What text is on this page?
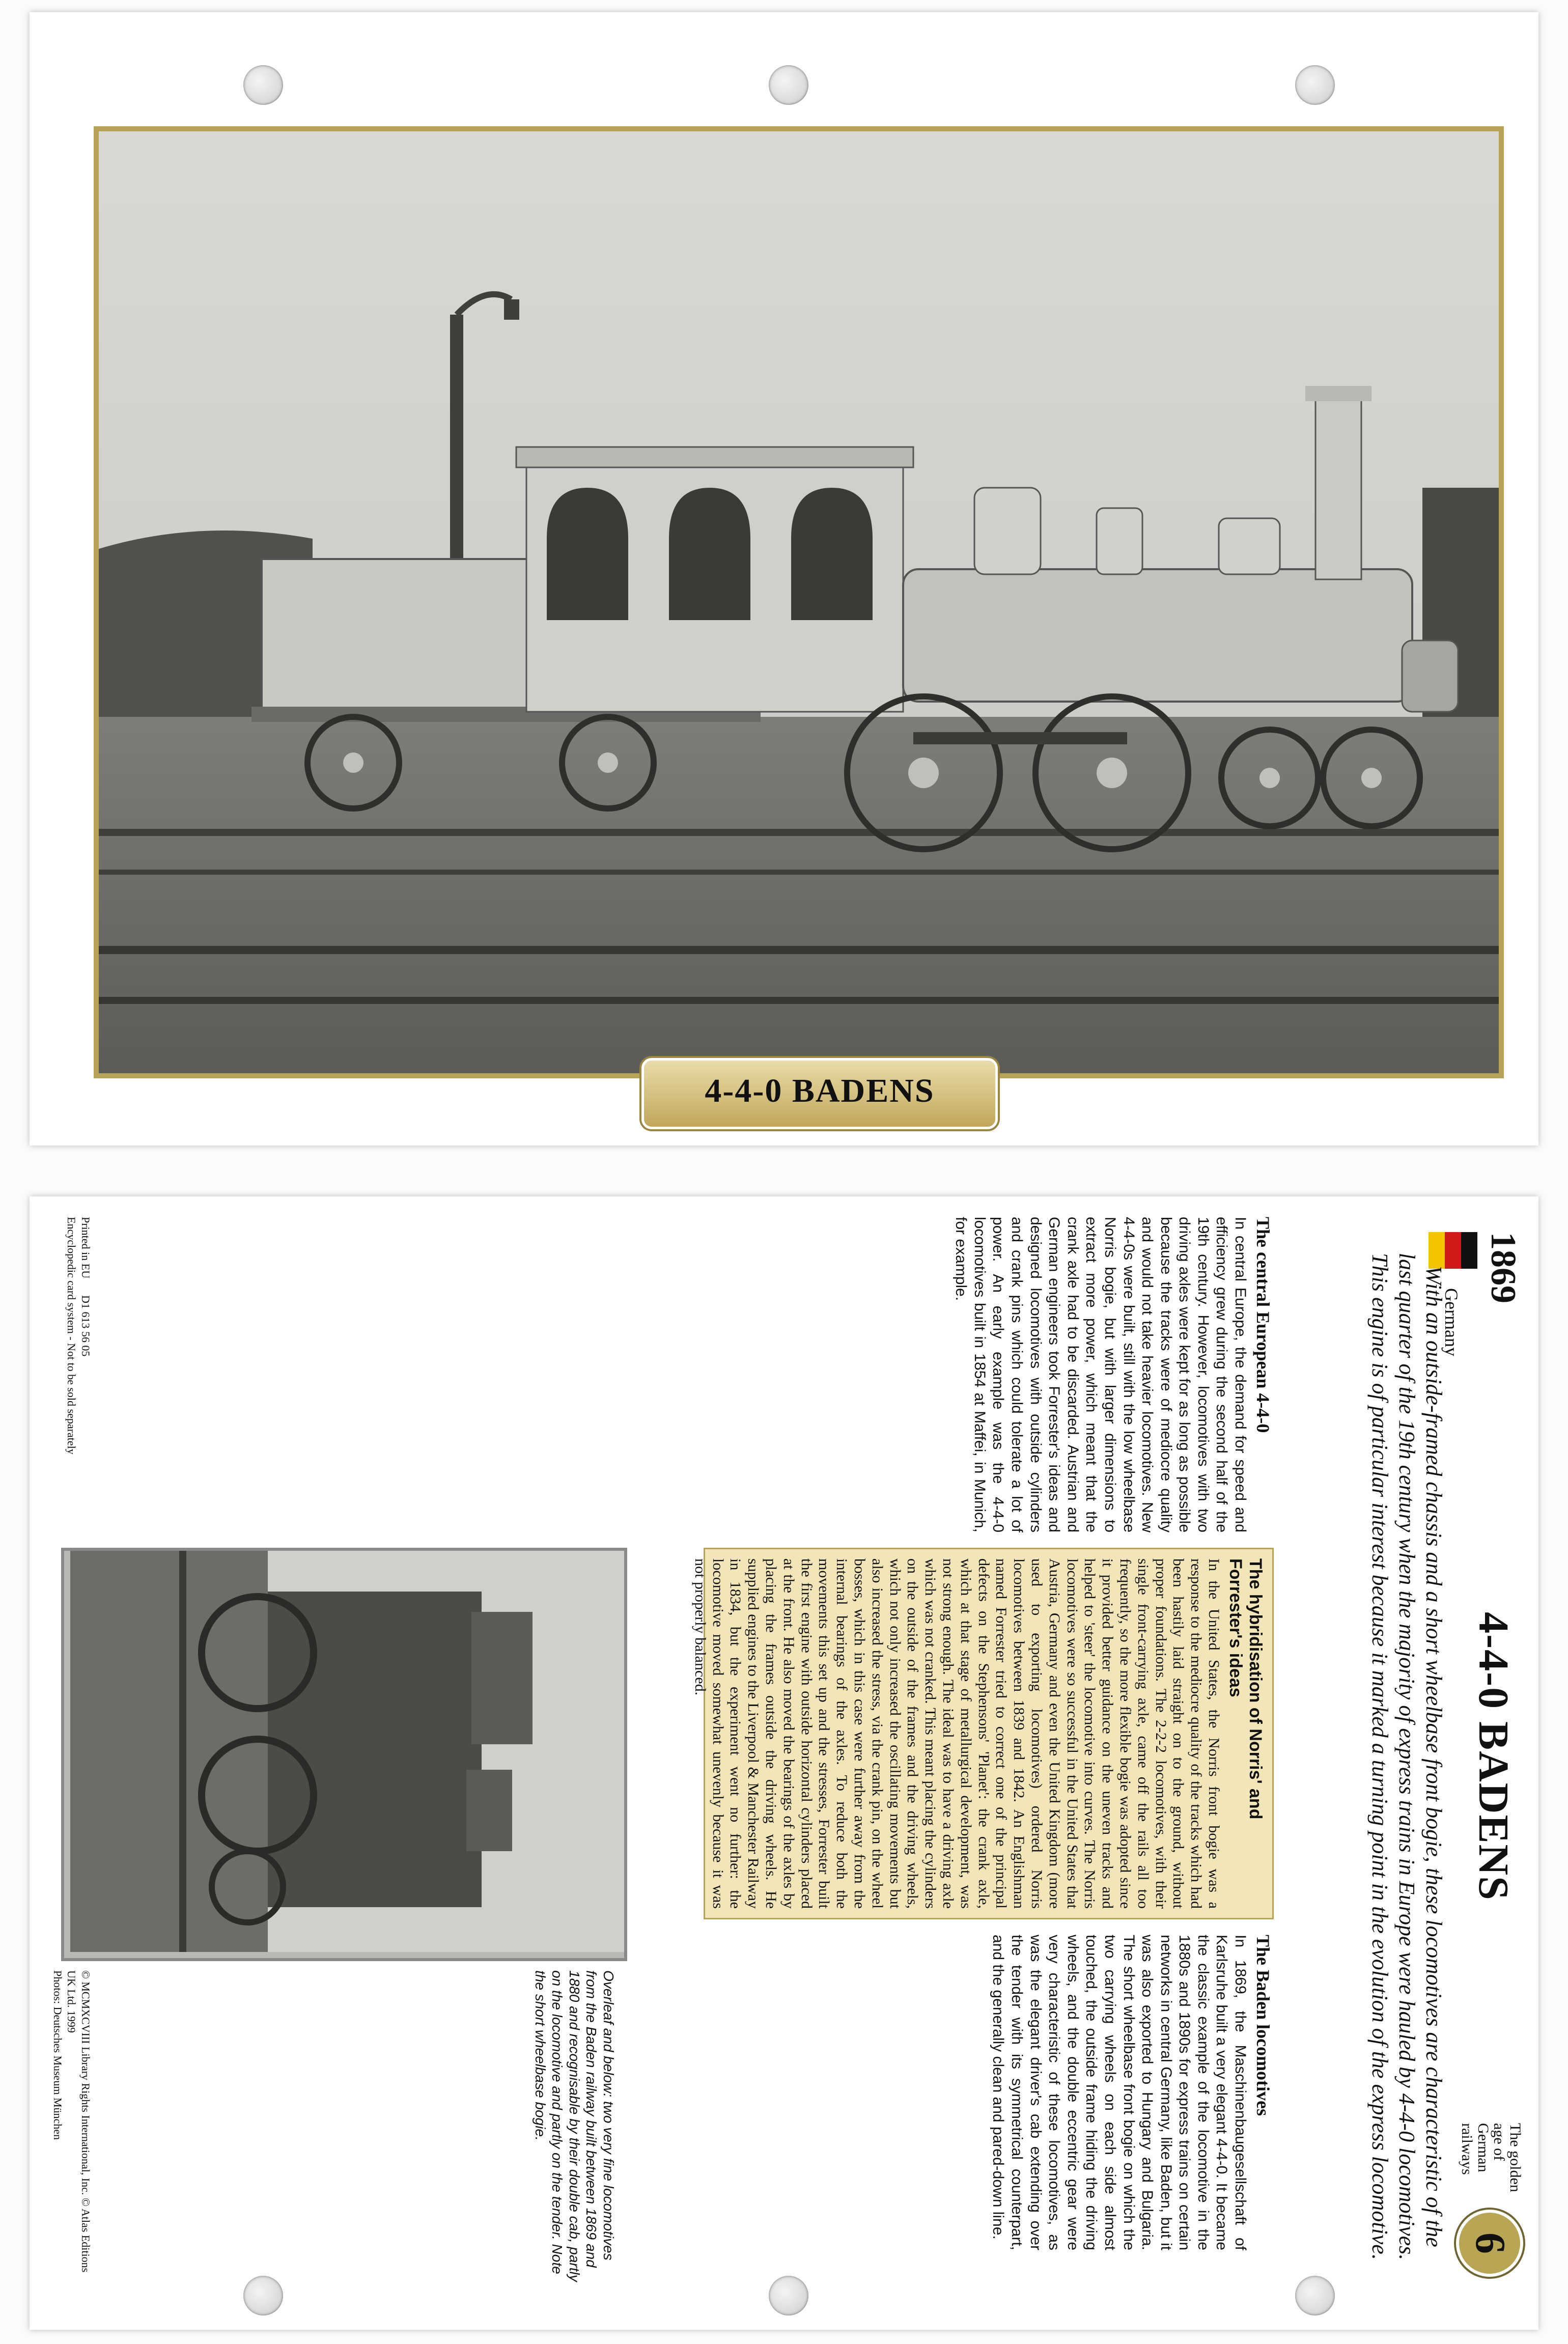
4-4-0 BADENS
1869
Germany
4-4-0 BADENS
The golden
age of
German
railways
6
With an outside-framed chassis and a short wheelbase front bogie, these locomotives are characteristic of the last quarter of the 19th century when the majority of express trains in Europe were hauled by 4-4-0 locomotives. This engine is of particular interest because it marked a turning point in the evolution of the express locomotive.
The central European 4-4-0

In central Europe, the demand for speed and efficiency grew during the second half of the 19th century. However, locomotives with two driving axles were kept for as long as possible because the tracks were of mediocre quality and would not take heavier locomotives. New 4-4-0s were built, still with the low wheelbase Norris bogie, but with larger dimensions to extract more power, which meant that the crank axle had to be discarded. Austrian and German engineers took Forrester's ideas and designed locomotives with outside cylinders and crank pins which could tolerate a lot of power. An early example was the 4-4-0 locomotives built in 1854 at Maffei, in Munich, for example.

The hybridisation of Norris' and Forrester's ideas
In the United States, the Norris front bogie was a response to the mediocre quality of the tracks which had been hastily laid straight on to the ground, without proper foundations. The 2-2-2 locomotives, with their single front-carrying axle, came off the rails all too frequently, so the more flexible bogie was adopted since it provided better guidance on the uneven tracks and helped to 'steer' the locomotive into curves. The Norris locomotives were so successful in the United States that Austria, Germany and even the United Kingdom (more used to exporting locomotives) ordered Norris locomotives between 1839 and 1842. An Englishman named Forrester tried to correct one of the principal defects on the Stephensons' 'Planet': the crank axle, which at that stage of metallurgical development, was not strong enough. The ideal was to have a driving axle which was not cranked. This meant placing the cylinders on the outside of the frames and the driving wheels, which not only increased the oscillating movements but also increased the stress, via the crank pin, on the wheel bosses, which in this case were further away from the internal bearings of the axles. To reduce both the movements this set up and the stresses, Forrester built the first engine with outside horizontal cylinders placed at the front. He also moved the bearings of the axles by placing the frames outside the driving wheels. He supplied engines to the Liverpool & Manchester Railway in 1834, but the experiment went no further: the locomotive moved somewhat unevenly because it was not properly balanced.
The Baden locomotives

In 1869, the Maschinenbaugesellschaft of Karlsruhe built a very elegant 4-4-0. It became the classic example of the locomotive in the 1880s and 1890s for express trains on certain networks in central Germany, like Baden, but it was also exported to Hungary and Bulgaria. The short wheelbase front bogie on which the two carrying wheels on each side almost touched, the outside frame hiding the driving wheels, and the double eccentric gear were very characteristic of these locomotives, as was the elegant driver's cab extending over the tender with its symmetrical counterpart, and the generally clean and pared-down line.

Overleaf and below: two very fine locomotives from the Baden railway built between 1869 and 1880 and recognisable by their double cab, partly on the locomotive and partly on the tender. Note the short wheelbase bogie.
© MCMXCVIII Library Rights International, Inc. © Atlas Editions UK Ltd. 1999
Photos: Deutsches Museum München
Printed in EU      D1 613 56 05
Encyclopedic card system - Not to be sold separately
